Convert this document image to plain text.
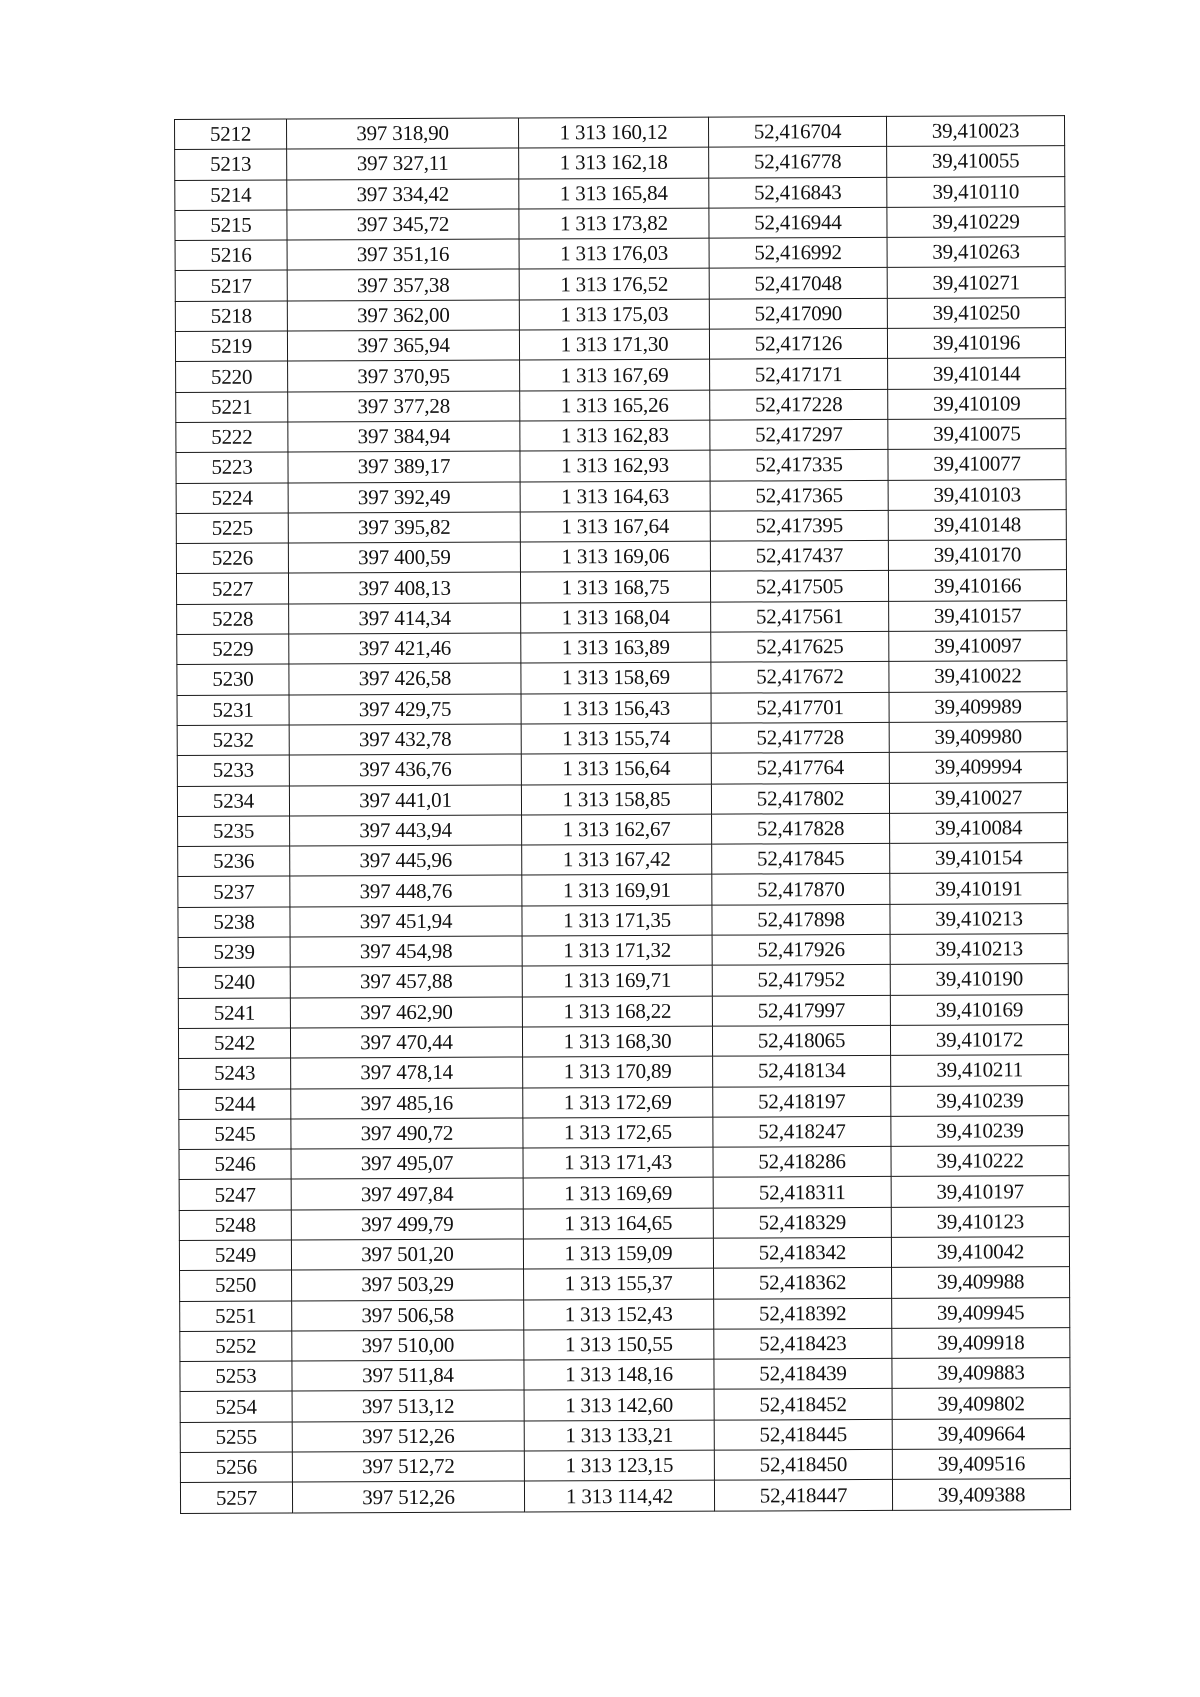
5212	397 318,90	1 313 160,12	52,416704	39,410023
5213	397 327,11	1 313 162,18	52,416778	39,410055
5214	397 334,42	1 313 165,84	52,416843	39,410110
5215	397 345,72	1 313 173,82	52,416944	39,410229
5216	397 351,16	1 313 176,03	52,416992	39,410263
5217	397 357,38	1 313 176,52	52,417048	39,410271
5218	397 362,00	1 313 175,03	52,417090	39,410250
5219	397 365,94	1 313 171,30	52,417126	39,410196
5220	397 370,95	1 313 167,69	52,417171	39,410144
5221	397 377,28	1 313 165,26	52,417228	39,410109
5222	397 384,94	1 313 162,83	52,417297	39,410075
5223	397 389,17	1 313 162,93	52,417335	39,410077
5224	397 392,49	1 313 164,63	52,417365	39,410103
5225	397 395,82	1 313 167,64	52,417395	39,410148
5226	397 400,59	1 313 169,06	52,417437	39,410170
5227	397 408,13	1 313 168,75	52,417505	39,410166
5228	397 414,34	1 313 168,04	52,417561	39,410157
5229	397 421,46	1 313 163,89	52,417625	39,410097
5230	397 426,58	1 313 158,69	52,417672	39,410022
5231	397 429,75	1 313 156,43	52,417701	39,409989
5232	397 432,78	1 313 155,74	52,417728	39,409980
5233	397 436,76	1 313 156,64	52,417764	39,409994
5234	397 441,01	1 313 158,85	52,417802	39,410027
5235	397 443,94	1 313 162,67	52,417828	39,410084
5236	397 445,96	1 313 167,42	52,417845	39,410154
5237	397 448,76	1 313 169,91	52,417870	39,410191
5238	397 451,94	1 313 171,35	52,417898	39,410213
5239	397 454,98	1 313 171,32	52,417926	39,410213
5240	397 457,88	1 313 169,71	52,417952	39,410190
5241	397 462,90	1 313 168,22	52,417997	39,410169
5242	397 470,44	1 313 168,30	52,418065	39,410172
5243	397 478,14	1 313 170,89	52,418134	39,410211
5244	397 485,16	1 313 172,69	52,418197	39,410239
5245	397 490,72	1 313 172,65	52,418247	39,410239
5246	397 495,07	1 313 171,43	52,418286	39,410222
5247	397 497,84	1 313 169,69	52,418311	39,410197
5248	397 499,79	1 313 164,65	52,418329	39,410123
5249	397 501,20	1 313 159,09	52,418342	39,410042
5250	397 503,29	1 313 155,37	52,418362	39,409988
5251	397 506,58	1 313 152,43	52,418392	39,409945
5252	397 510,00	1 313 150,55	52,418423	39,409918
5253	397 511,84	1 313 148,16	52,418439	39,409883
5254	397 513,12	1 313 142,60	52,418452	39,409802
5255	397 512,26	1 313 133,21	52,418445	39,409664
5256	397 512,72	1 313 123,15	52,418450	39,409516
5257	397 512,26	1 313 114,42	52,418447	39,409388
